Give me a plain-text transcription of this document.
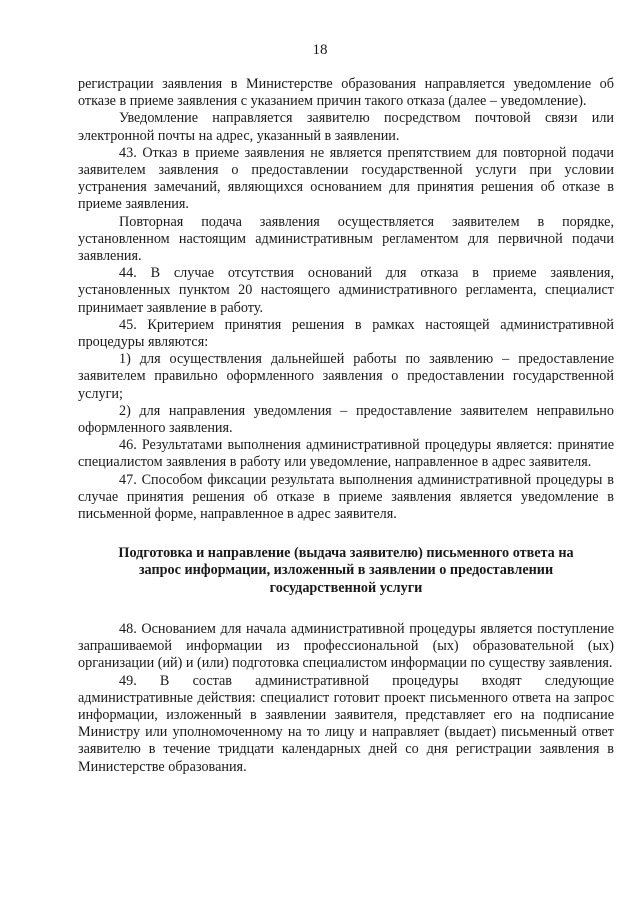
18

регистрации заявления в Министерстве образования направляется уведомление об отказе в приеме заявления с указанием причин такого отказа (далее – уведомление).

Уведомление направляется заявителю посредством почтовой связи или электронной почты на адрес, указанный в заявлении.

43. Отказ в приеме заявления не является препятствием для повторной подачи заявителем заявления о предоставлении государственной услуги при условии устранения замечаний, являющихся основанием для принятия решения об отказе в приеме заявления.

Повторная подача заявления осуществляется заявителем в порядке, установленном настоящим административным регламентом для первичной подачи заявления.

44. В случае отсутствия оснований для отказа в приеме заявления, установленных пунктом 20 настоящего административного регламента, специалист принимает заявление в работу.

45. Критерием принятия решения в рамках настоящей административной процедуры являются:

1) для осуществления дальнейшей работы по заявлению – предоставление заявителем правильно оформленного заявления о предоставлении государственной услуги;

2) для направления уведомления – предоставление заявителем неправильно оформленного заявления.

46. Результатами выполнения административной процедуры является: принятие специалистом заявления в работу или уведомление, направленное в адрес заявителя.

47. Способом фиксации результата выполнения административной процедуры в случае принятия решения об отказе в приеме заявления является уведомление в письменной форме, направленное в адрес заявителя.

Подготовка и направление (выдача заявителю) письменного ответа на запрос информации, изложенный в заявлении о предоставлении государственной услуги

48. Основанием для начала административной процедуры является поступление запрашиваемой информации из профессиональной (ых) образовательной (ых) организации (ий) и (или) подготовка специалистом информации по существу заявления.

49. В состав административной процедуры входят следующие административные действия: специалист готовит проект письменного ответа на запрос информации, изложенный в заявлении заявителя, представляет его на подписание Министру или уполномоченному на то лицу и направляет (выдает) письменный ответ заявителю в течение тридцати календарных дней со дня регистрации заявления в Министерстве образования.
